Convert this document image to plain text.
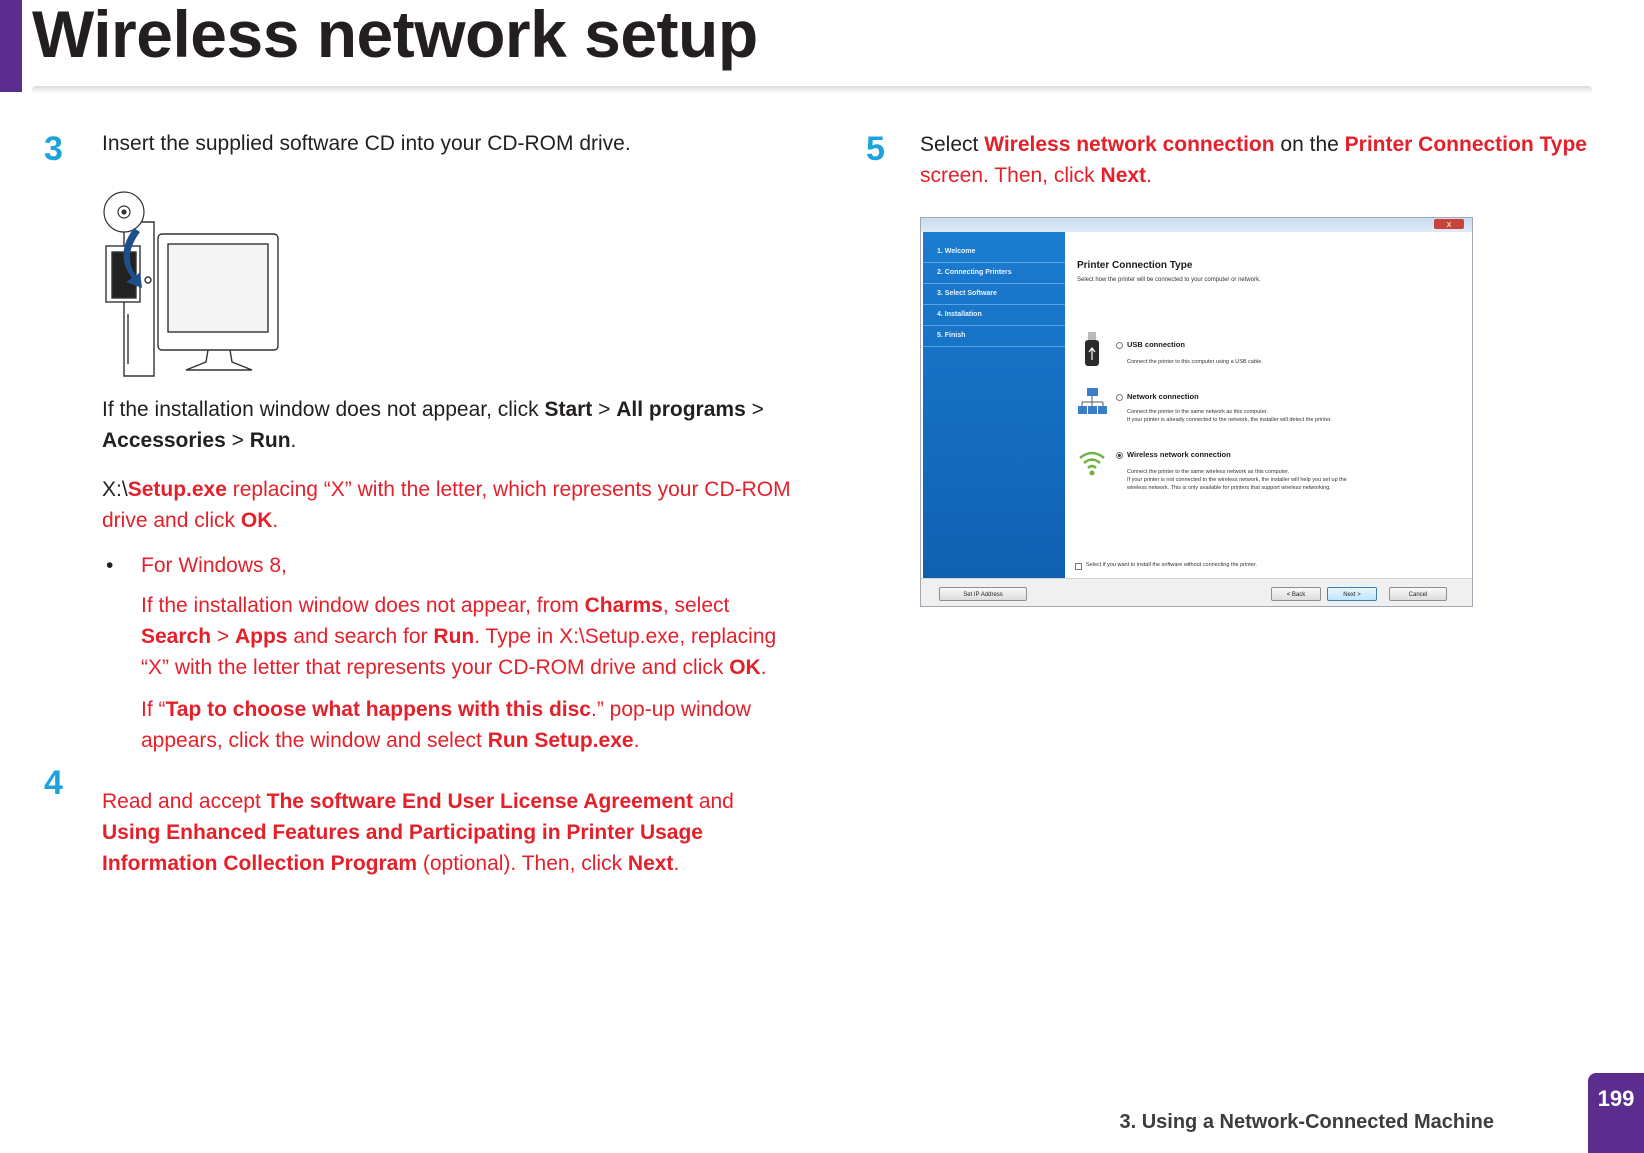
Wireless network setup
3 Insert the supplied software CD into your CD-ROM drive.
If the installation window does not appear, click Start > All programs > Accessories > Run.
X:\Setup.exe replacing “X” with the letter, which represents your CD-ROM drive and click OK.
• For Windows 8,
If the installation window does not appear, from Charms, select Search > Apps and search for Run. Type in X:\Setup.exe, replacing “X” with the letter that represents your CD-ROM drive and click OK.
If “Tap to choose what happens with this disc.” pop-up window appears, click the window and select Run Setup.exe.
4 Read and accept The software End User License Agreement and Using Enhanced Features and Participating in Printer Usage Information Collection Program (optional). Then, click Next.
5 Select Wireless network connection on the Printer Connection Type screen. Then, click Next.
x
1. Welcome
2. Connecting Printers
3. Select Software
4. Installation
5. Finish
Printer Connection Type
Select how the printer will be connected to your computer or network.
USB connection
Connect the printer to this computer using a USB cable.
Network connection
Connect the printer to the same network as this computer.
If your printer is already connected to the network, the installer will detect the printer.
Wireless network connection
Connect the printer to the same wireless network as this computer.
If your printer is not connected to the wireless network, the installer will help you set up the
wireless network. This is only available for printers that support wireless networking.
Select if you want to install the software without connecting the printer.
Set IP Address	< Back	Next >	Cancel
3. Using a Network-Connected Machine
199
